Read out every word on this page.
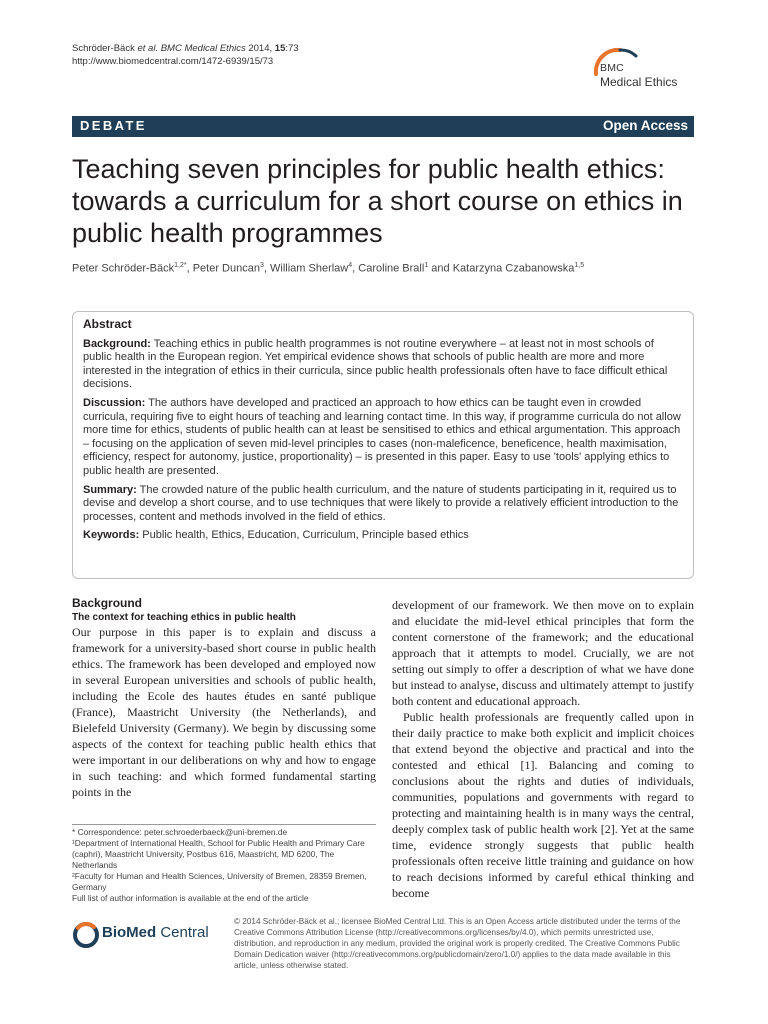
Schröder-Bäck et al. BMC Medical Ethics 2014, 15:73
http://www.biomedcentral.com/1472-6939/15/73
BMC
Medical Ethics
DEBATE	Open Access
Teaching seven principles for public health ethics: towards a curriculum for a short course on ethics in public health programmes
Peter Schröder-Bäck$^{1,2*}$, Peter Duncan$^3$, William Sherlaw$^4$, Caroline Brall$^1$ and Katarzyna Czabanowska$^{1,5}$
Abstract

Background: Teaching ethics in public health programmes is not routine everywhere – at least not in most schools of public health in the European region. Yet empirical evidence shows that schools of public health are more and more interested in the integration of ethics in their curricula, since public health professionals often have to face difficult ethical decisions.

Discussion: The authors have developed and practiced an approach to how ethics can be taught even in crowded curricula, requiring five to eight hours of teaching and learning contact time. In this way, if programme curricula do not allow more time for ethics, students of public health can at least be sensitised to ethics and ethical argumentation. This approach – focusing on the application of seven mid-level principles to cases (non-maleficence, beneficence, health maximisation, efficiency, respect for autonomy, justice, proportionality) – is presented in this paper. Easy to use 'tools' applying ethics to public health are presented.

Summary: The crowded nature of the public health curriculum, and the nature of students participating in it, required us to devise and develop a short course, and to use techniques that were likely to provide a relatively efficient introduction to the processes, content and methods involved in the field of ethics.

Keywords: Public health, Ethics, Education, Curriculum, Principle based ethics

Background
The context for teaching ethics in public health

Our purpose in this paper is to explain and discuss a framework for a university-based short course in public health ethics. The framework has been developed and employed now in several European universities and schools of public health, including the Ecole des hautes études en santé publique (France), Maastricht University (the Netherlands), and Bielefeld University (Germany). We begin by discussing some aspects of the context for teaching public health ethics that were important in our deliberations on why and how to engage in such teaching: and which formed fundamental starting points in the

development of our framework. We then move on to explain and elucidate the mid-level ethical principles that form the content cornerstone of the framework; and the educational approach that it attempts to model. Crucially, we are not setting out simply to offer a description of what we have done but instead to analyse, discuss and ultimately attempt to justify both content and educational approach.

Public health professionals are frequently called upon in their daily practice to make both explicit and implicit choices that extend beyond the objective and practical and into the contested and ethical [1]. Balancing and coming to conclusions about the rights and duties of individuals, communities, populations and governments with regard to protecting and maintaining health is in many ways the central, deeply complex task of public health work [2]. Yet at the same time, evidence strongly suggests that public health professionals often receive little training and guidance on how to reach decisions informed by careful ethical thinking and become

* Correspondence: peter.schroederbaeck@uni-bremen.de
¹Department of International Health, School for Public Health and Primary Care (caphri), Maastricht University, Postbus 616, Maastricht, MD 6200, The Netherlands
²Faculty for Human and Health Sciences, University of Bremen, 28359 Bremen, Germany
Full list of author information is available at the end of the article
BioMed Central
© 2014 Schröder-Bäck et al.; licensee BioMed Central Ltd. This is an Open Access article distributed under the terms of the Creative Commons Attribution License (http://creativecommons.org/licenses/by/4.0), which permits unrestricted use, distribution, and reproduction in any medium, provided the original work is properly credited. The Creative Commons Public Domain Dedication waiver (http://creativecommons.org/publicdomain/zero/1.0/) applies to the data made available in this article, unless otherwise stated.
